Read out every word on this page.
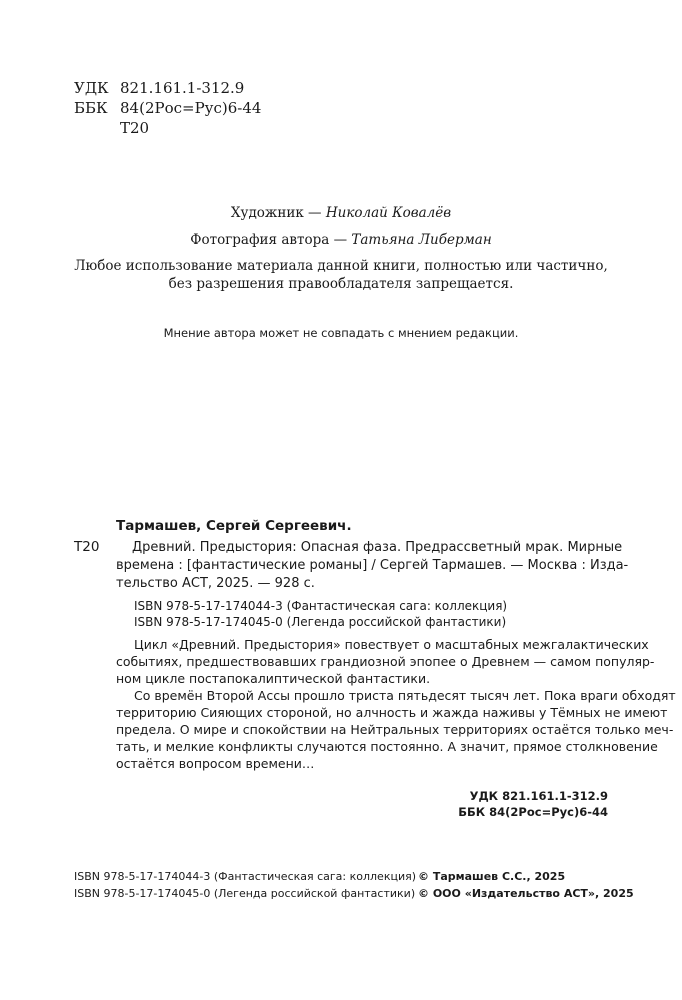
УДК 821.161.1-312.9
ББК 84(2Рос=Рус)6-44
Т20
Художник — Николай Ковалёв
Фотография автора — Татьяна Либерман
Любое использование материала данной книги, полностью или частично,
без разрешения правообладателя запрещается.
Мнение автора может не совпадать с мнением редакции.
Тармашев, Сергей Сергеевич.
Т20	Древний. Предыстория: Опасная фаза. Предрассветный мрак. Мирные
времена : [фантастические романы] / Сергей Тармашев. — Москва : Изда-
тельство АСТ, 2025. — 928 с.
ISBN 978-5-17-174044-3 (Фантастическая сага: коллекция)
ISBN 978-5-17-174045-0 (Легенда российской фантастики)
Цикл «Древний. Предыстория» повествует о масштабных межгалактических
событиях, предшествовавших грандиозной эпопее о Древнем — самом популяр-
ном цикле постапокалиптической фантастики.
Со времён Второй Ассы прошло триста пятьдесят тысяч лет. Пока враги обходят
территорию Сияющих стороной, но алчность и жажда наживы у Тёмных не имеют
предела. О мире и спокойствии на Нейтральных территориях остаётся только меч-
тать, и мелкие конфликты случаются постоянно. А значит, прямое столкновение
остаётся вопросом времени…
УДК 821.161.1-312.9
ББК 84(2Рос=Рус)6-44
ISBN 978-5-17-174044-3 (Фантастическая сага: коллекция)
ISBN 978-5-17-174045-0 (Легенда российской фантастики)
© Тармашев С.С., 2025
© ООО «Издательство АСТ», 2025
